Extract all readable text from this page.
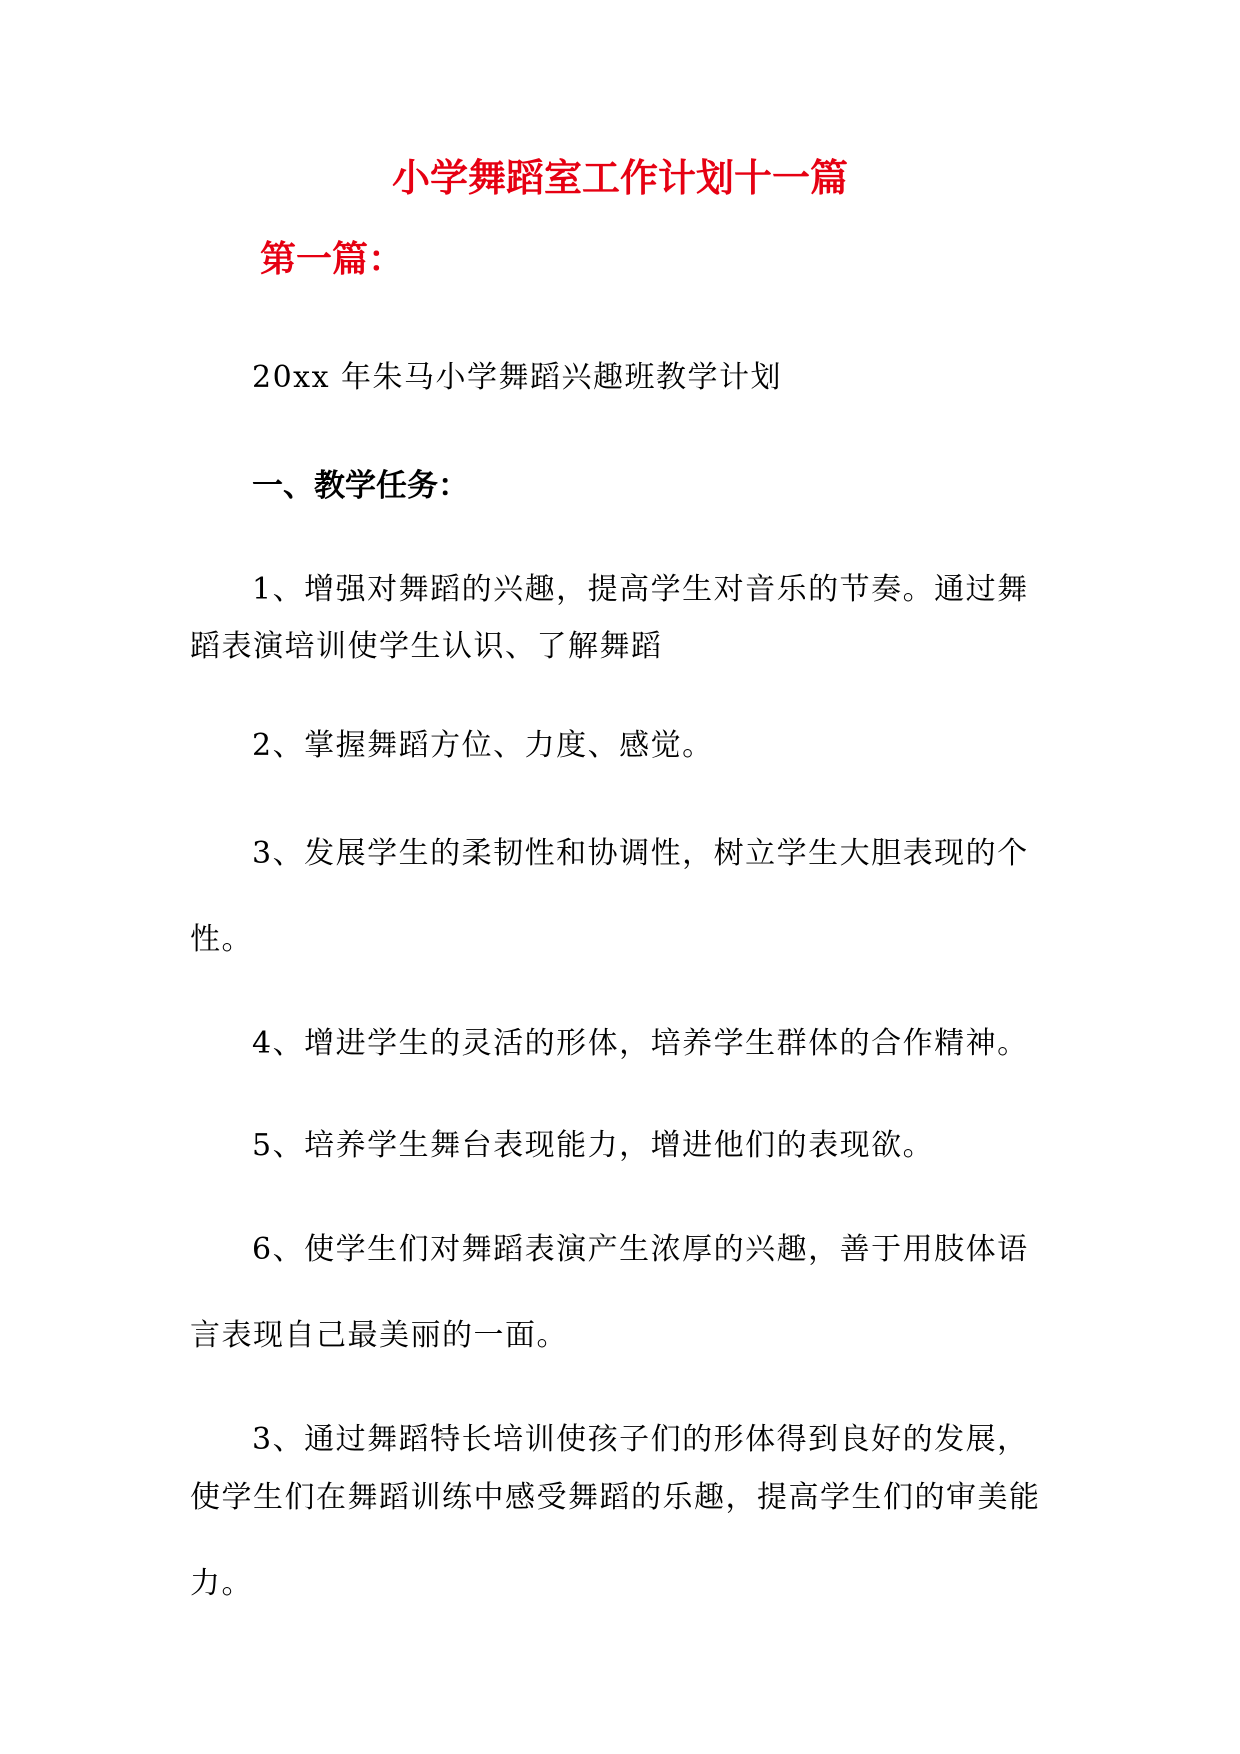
小学舞蹈室工作计划十一篇
第一篇：
20xx 年朱马小学舞蹈兴趣班教学计划
一、教学任务：
1、增强对舞蹈的兴趣，提高学生对音乐的节奏。通过舞
蹈表演培训使学生认识、了解舞蹈
2、掌握舞蹈方位、力度、感觉。
3、发展学生的柔韧性和协调性，树立学生大胆表现的个
性。
4、增进学生的灵活的形体，培养学生群体的合作精神。
5、培养学生舞台表现能力，增进他们的表现欲。
6、使学生们对舞蹈表演产生浓厚的兴趣，善于用肢体语
言表现自己最美丽的一面。
3、通过舞蹈特长培训使孩子们的形体得到良好的发展，
使学生们在舞蹈训练中感受舞蹈的乐趣，提高学生们的审美能
力。
